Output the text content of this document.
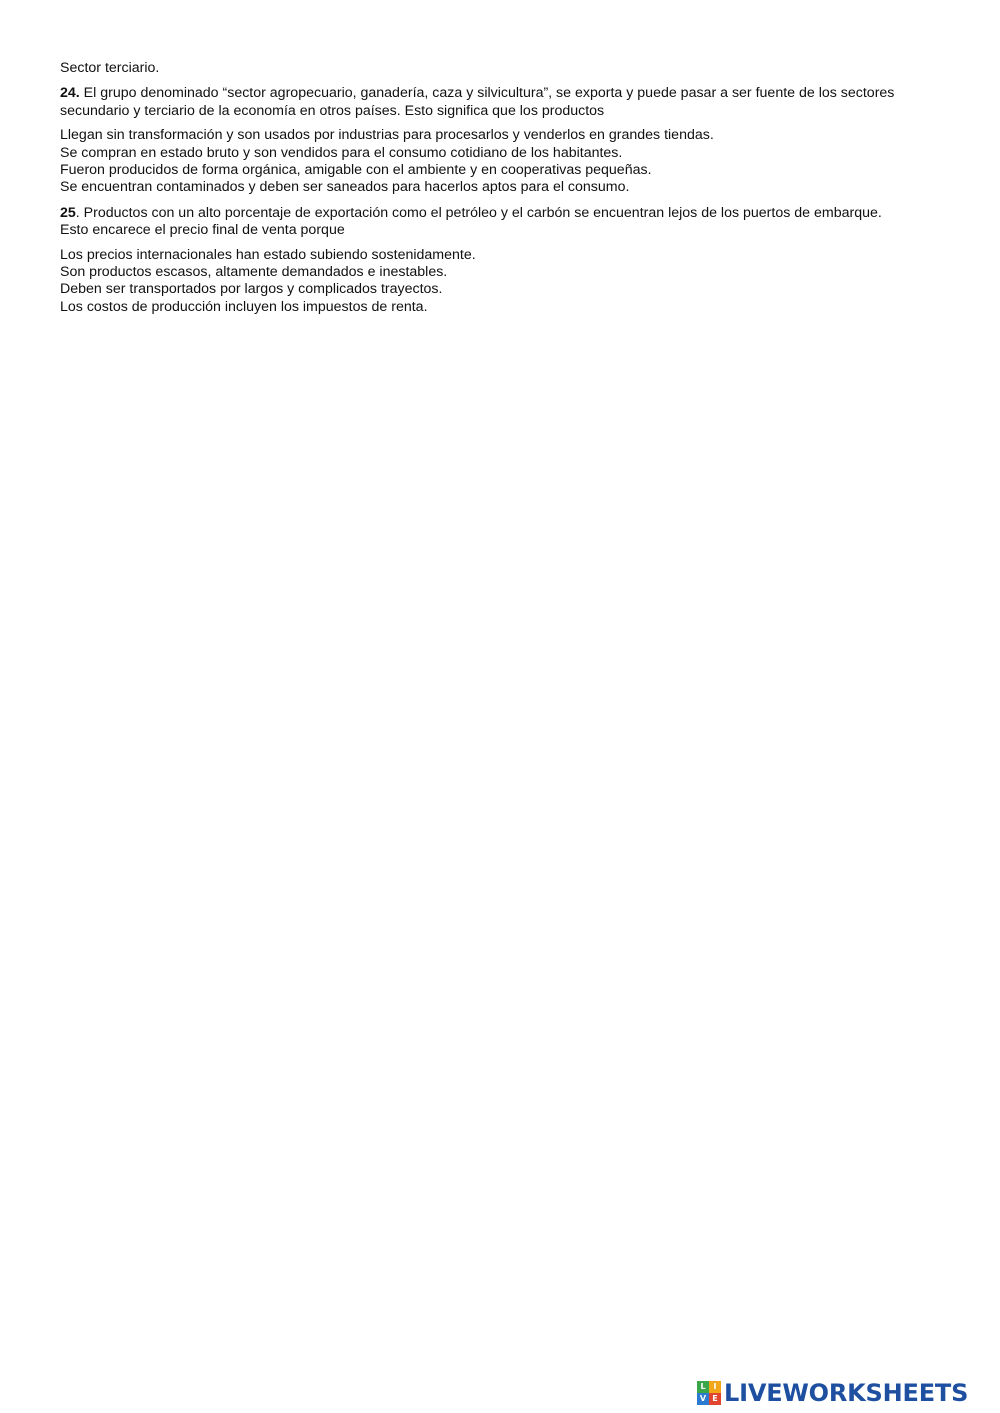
Sector terciario.
24. El grupo denominado “sector agropecuario, ganadería, caza y silvicultura”, se exporta y puede pasar a ser fuente de los sectores
secundario y terciario de la economía en otros países. Esto significa que los productos
Llegan sin transformación y son usados por industrias para procesarlos y venderlos en grandes tiendas.
Se compran en estado bruto y son vendidos para el consumo cotidiano de los habitantes.
Fueron producidos de forma orgánica, amigable con el ambiente y en cooperativas pequeñas.
Se encuentran contaminados y deben ser saneados para hacerlos aptos para el consumo.
25. Productos con un alto porcentaje de exportación como el petróleo y el carbón se encuentran lejos de los puertos de embarque.
Esto encarece el precio final de venta porque
Los precios internacionales han estado subiendo sostenidamente.
Son productos escasos, altamente demandados e inestables.
Deben ser transportados por largos y complicados trayectos.
Los costos de producción incluyen los impuestos de renta.
L I
V E LIVEWORKSHEETS
